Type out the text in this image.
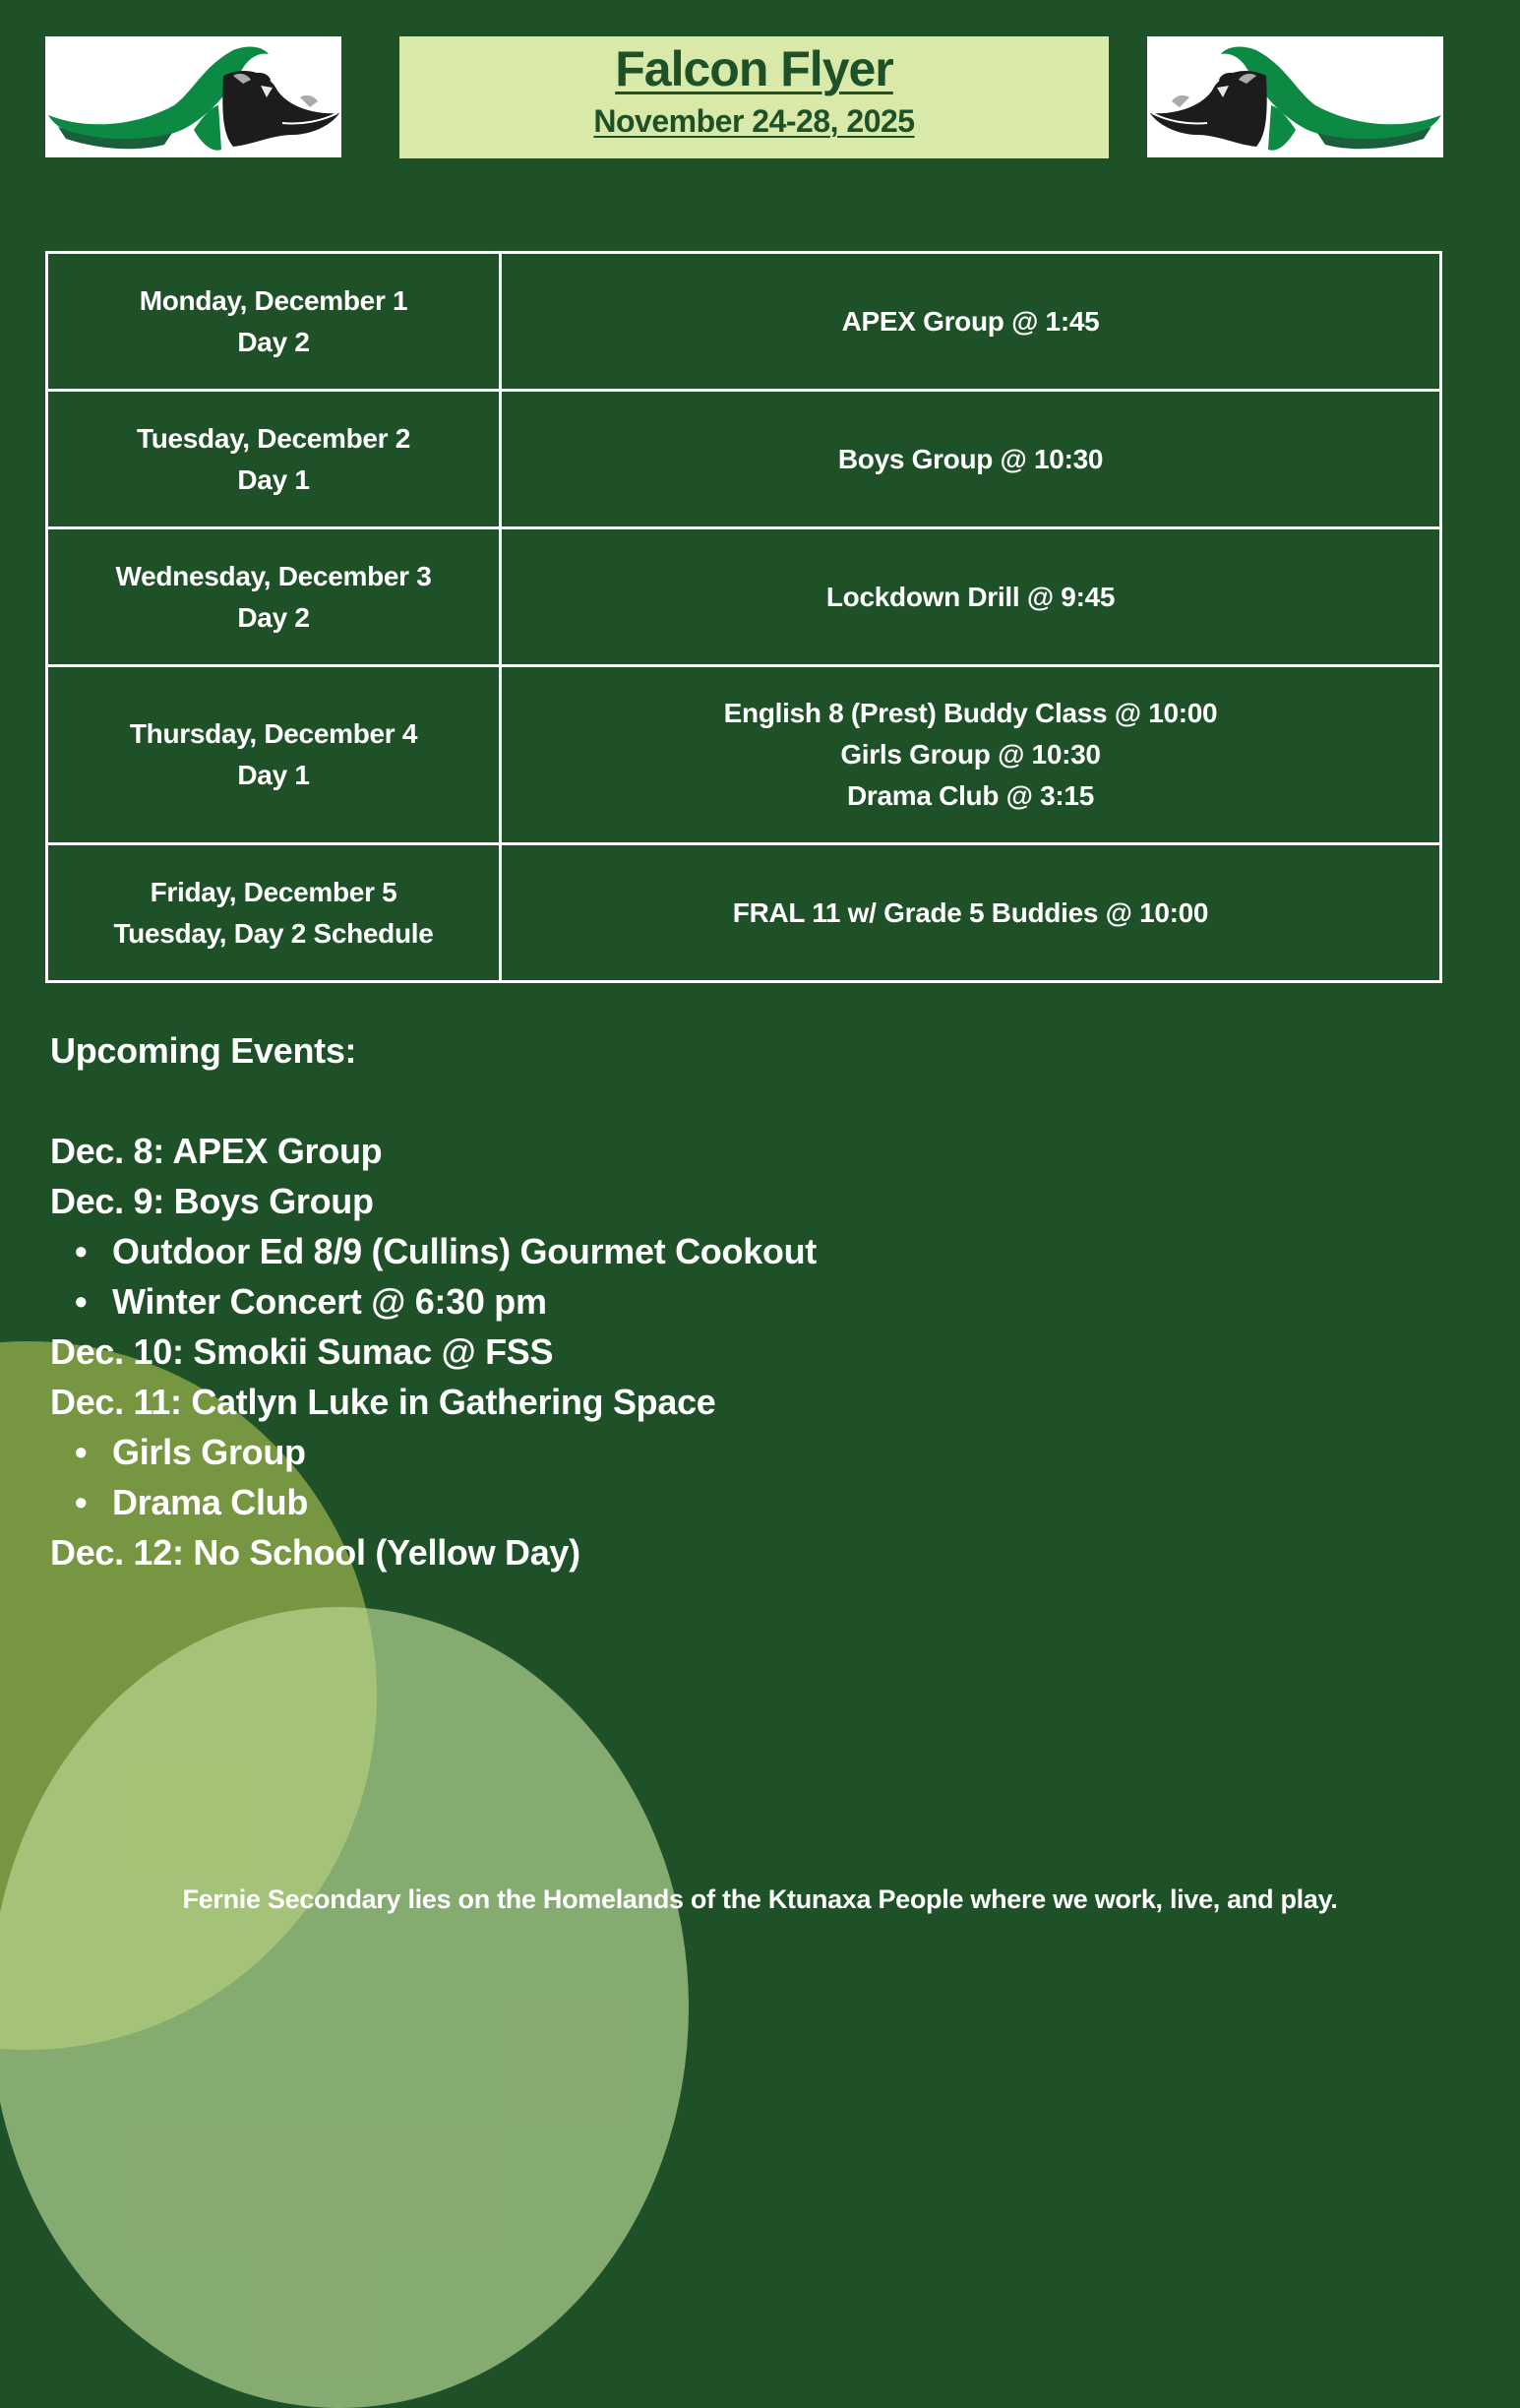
Falcon Flyer
November 24-28, 2025
Monday, December 1
Day 2	APEX Group @ 1:45

Tuesday, December 2
Day 1	Boys Group @ 10:30

Wednesday, December 3
Day 2	Lockdown Drill @ 9:45

Thursday, December 4
Day 1	English 8 (Prest) Buddy Class @ 10:00
Girls Group @ 10:30
Drama Club @ 3:15

Friday, December 5
Tuesday, Day 2 Schedule	FRAL 11 w/ Grade 5 Buddies @ 10:00
Upcoming Events:
Dec. 8: APEX Group
Dec. 9: Boys Group
• Outdoor Ed 8/9 (Cullins) Gourmet Cookout
• Winter Concert @ 6:30 pm
Dec. 10: Smokii Sumac @ FSS
Dec. 11: Catlyn Luke in Gathering Space
• Girls Group
• Drama Club
Dec. 12: No School (Yellow Day)
Fernie Secondary lies on the Homelands of the Ktunaxa People where we work, live, and play.
